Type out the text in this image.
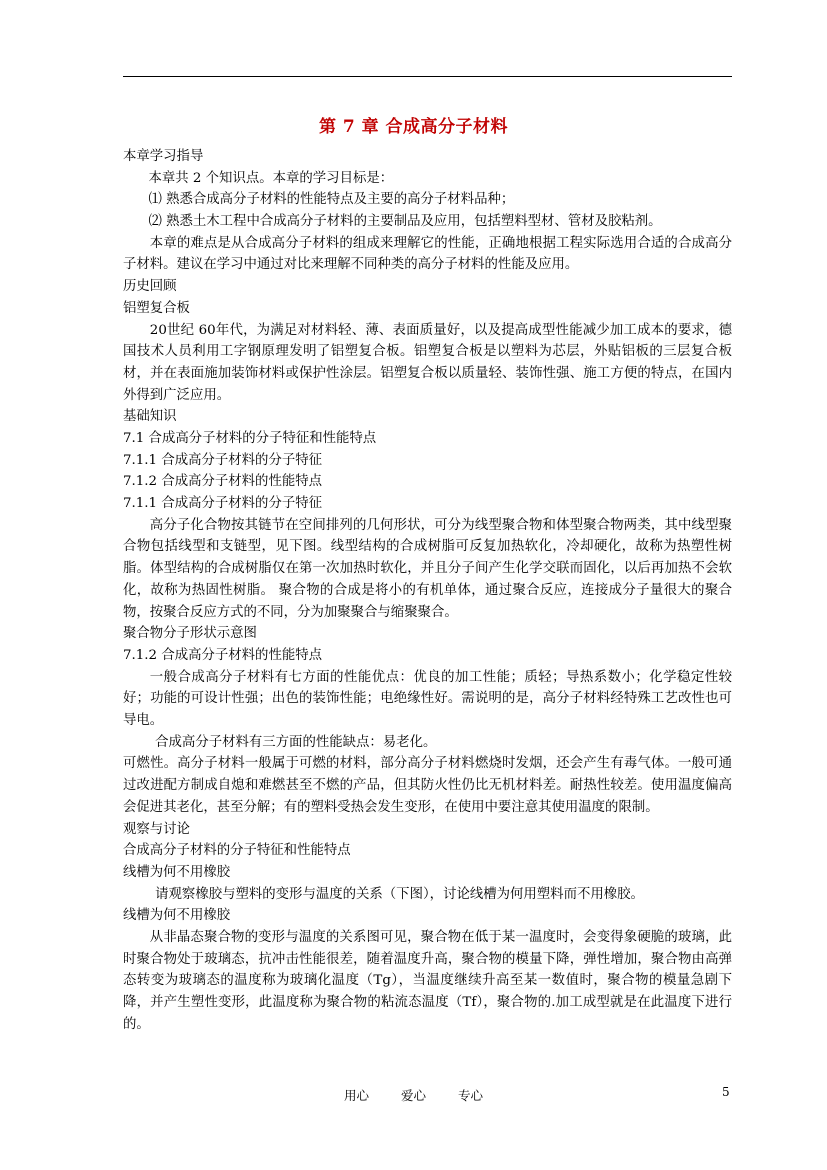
第 7 章 合成高分子材料
本章学习指导
本章共 2 个知识点。本章的学习目标是：
⑴ 熟悉合成高分子材料的性能特点及主要的高分子材料品种；
⑵ 熟悉土木工程中合成高分子材料的主要制品及应用，包括塑料型材、管材及胶粘剂。
本章的难点是从合成高分子材料的组成来理解它的性能，正确地根据工程实际选用合适的合成高分子材料。建议在学习中通过对比来理解不同种类的高分子材料的性能及应用。
历史回顾
铝塑复合板
20世纪 60年代，为满足对材料轻、薄、表面质量好，以及提高成型性能减少加工成本的要求，德国技术人员利用工字钢原理发明了铝塑复合板。铝塑复合板是以塑料为芯层，外贴铝板的三层复合板材，并在表面施加装饰材料或保护性涂层。铝塑复合板以质量轻、装饰性强、施工方便的特点，在国内外得到广泛应用。
基础知识
7.1 合成高分子材料的分子特征和性能特点
7.1.1 合成高分子材料的分子特征
7.1.2 合成高分子材料的性能特点
7.1.1 合成高分子材料的分子特征
高分子化合物按其链节在空间排列的几何形状，可分为线型聚合物和体型聚合物两类，其中线型聚合物包括线型和支链型，见下图。线型结构的合成树脂可反复加热软化，冷却硬化，故称为热塑性树脂。体型结构的合成树脂仅在第一次加热时软化，并且分子间产生化学交联而固化，以后再加热不会软化，故称为热固性树脂。 聚合物的合成是将小的有机单体，通过聚合反应，连接成分子量很大的聚合物，按聚合反应方式的不同，分为加聚聚合与缩聚聚合。
聚合物分子形状示意图
7.1.2 合成高分子材料的性能特点
一般合成高分子材料有七方面的性能优点：优良的加工性能；质轻；导热系数小；化学稳定性较好；功能的可设计性强；出色的装饰性能；电绝缘性好。需说明的是，高分子材料经特殊工艺改性也可导电。
合成高分子材料有三方面的性能缺点：易老化。
可燃性。高分子材料一般属于可燃的材料，部分高分子材料燃烧时发烟，还会产生有毒气体。一般可通过改进配方制成自熄和难燃甚至不燃的产品，但其防火性仍比无机材料差。耐热性较差。使用温度偏高会促进其老化，甚至分解；有的塑料受热会发生变形，在使用中要注意其使用温度的限制。
观察与讨论
合成高分子材料的分子特征和性能特点
线槽为何不用橡胶
请观察橡胶与塑料的变形与温度的关系（下图），讨论线槽为何用塑料而不用橡胶。
线槽为何不用橡胶
从非晶态聚合物的变形与温度的关系图可见，聚合物在低于某一温度时，会变得象硬脆的玻璃，此时聚合物处于玻璃态，抗冲击性能很差，随着温度升高，聚合物的模量下降，弹性增加，聚合物由高弹态转变为玻璃态的温度称为玻璃化温度（Tg），当温度继续升高至某一数值时，聚合物的模量急剧下降，并产生塑性变形，此温度称为聚合物的粘流态温度（Tf），聚合物的.加工成型就是在此温度下进行的。
用心	爱心	专心	5
